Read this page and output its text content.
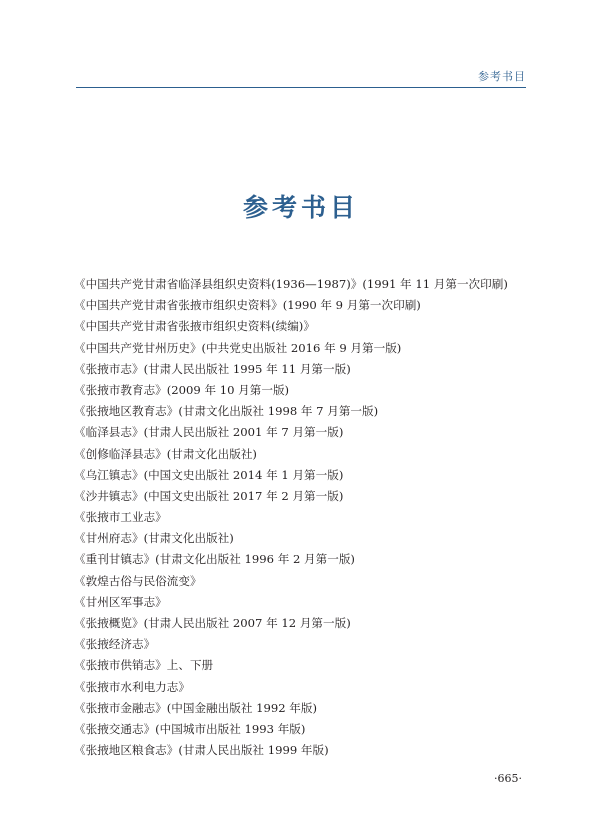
参考书目
参考书目
《中国共产党甘肃省临泽县组织史资料(1936—1987)》(1991 年 11 月第一次印刷)
《中国共产党甘肃省张掖市组织史资料》(1990 年 9 月第一次印刷)
《中国共产党甘肃省张掖市组织史资料(续编)》
《中国共产党甘州历史》(中共党史出版社 2016 年 9 月第一版)
《张掖市志》(甘肃人民出版社 1995 年 11 月第一版)
《张掖市教育志》(2009 年 10 月第一版)
《张掖地区教育志》(甘肃文化出版社 1998 年 7 月第一版)
《临泽县志》(甘肃人民出版社 2001 年 7 月第一版)
《创修临泽县志》(甘肃文化出版社)
《乌江镇志》(中国文史出版社 2014 年 1 月第一版)
《沙井镇志》(中国文史出版社 2017 年 2 月第一版)
《张掖市工业志》
《甘州府志》(甘肃文化出版社)
《重刊甘镇志》(甘肃文化出版社 1996 年 2 月第一版)
《敦煌古俗与民俗流变》
《甘州区军事志》
《张掖概览》(甘肃人民出版社 2007 年 12 月第一版)
《张掖经济志》
《张掖市供销志》上、下册
《张掖市水利电力志》
《张掖市金融志》(中国金融出版社 1992 年版)
《张掖交通志》(中国城市出版社 1993 年版)
《张掖地区粮食志》(甘肃人民出版社 1999 年版)
·665·
